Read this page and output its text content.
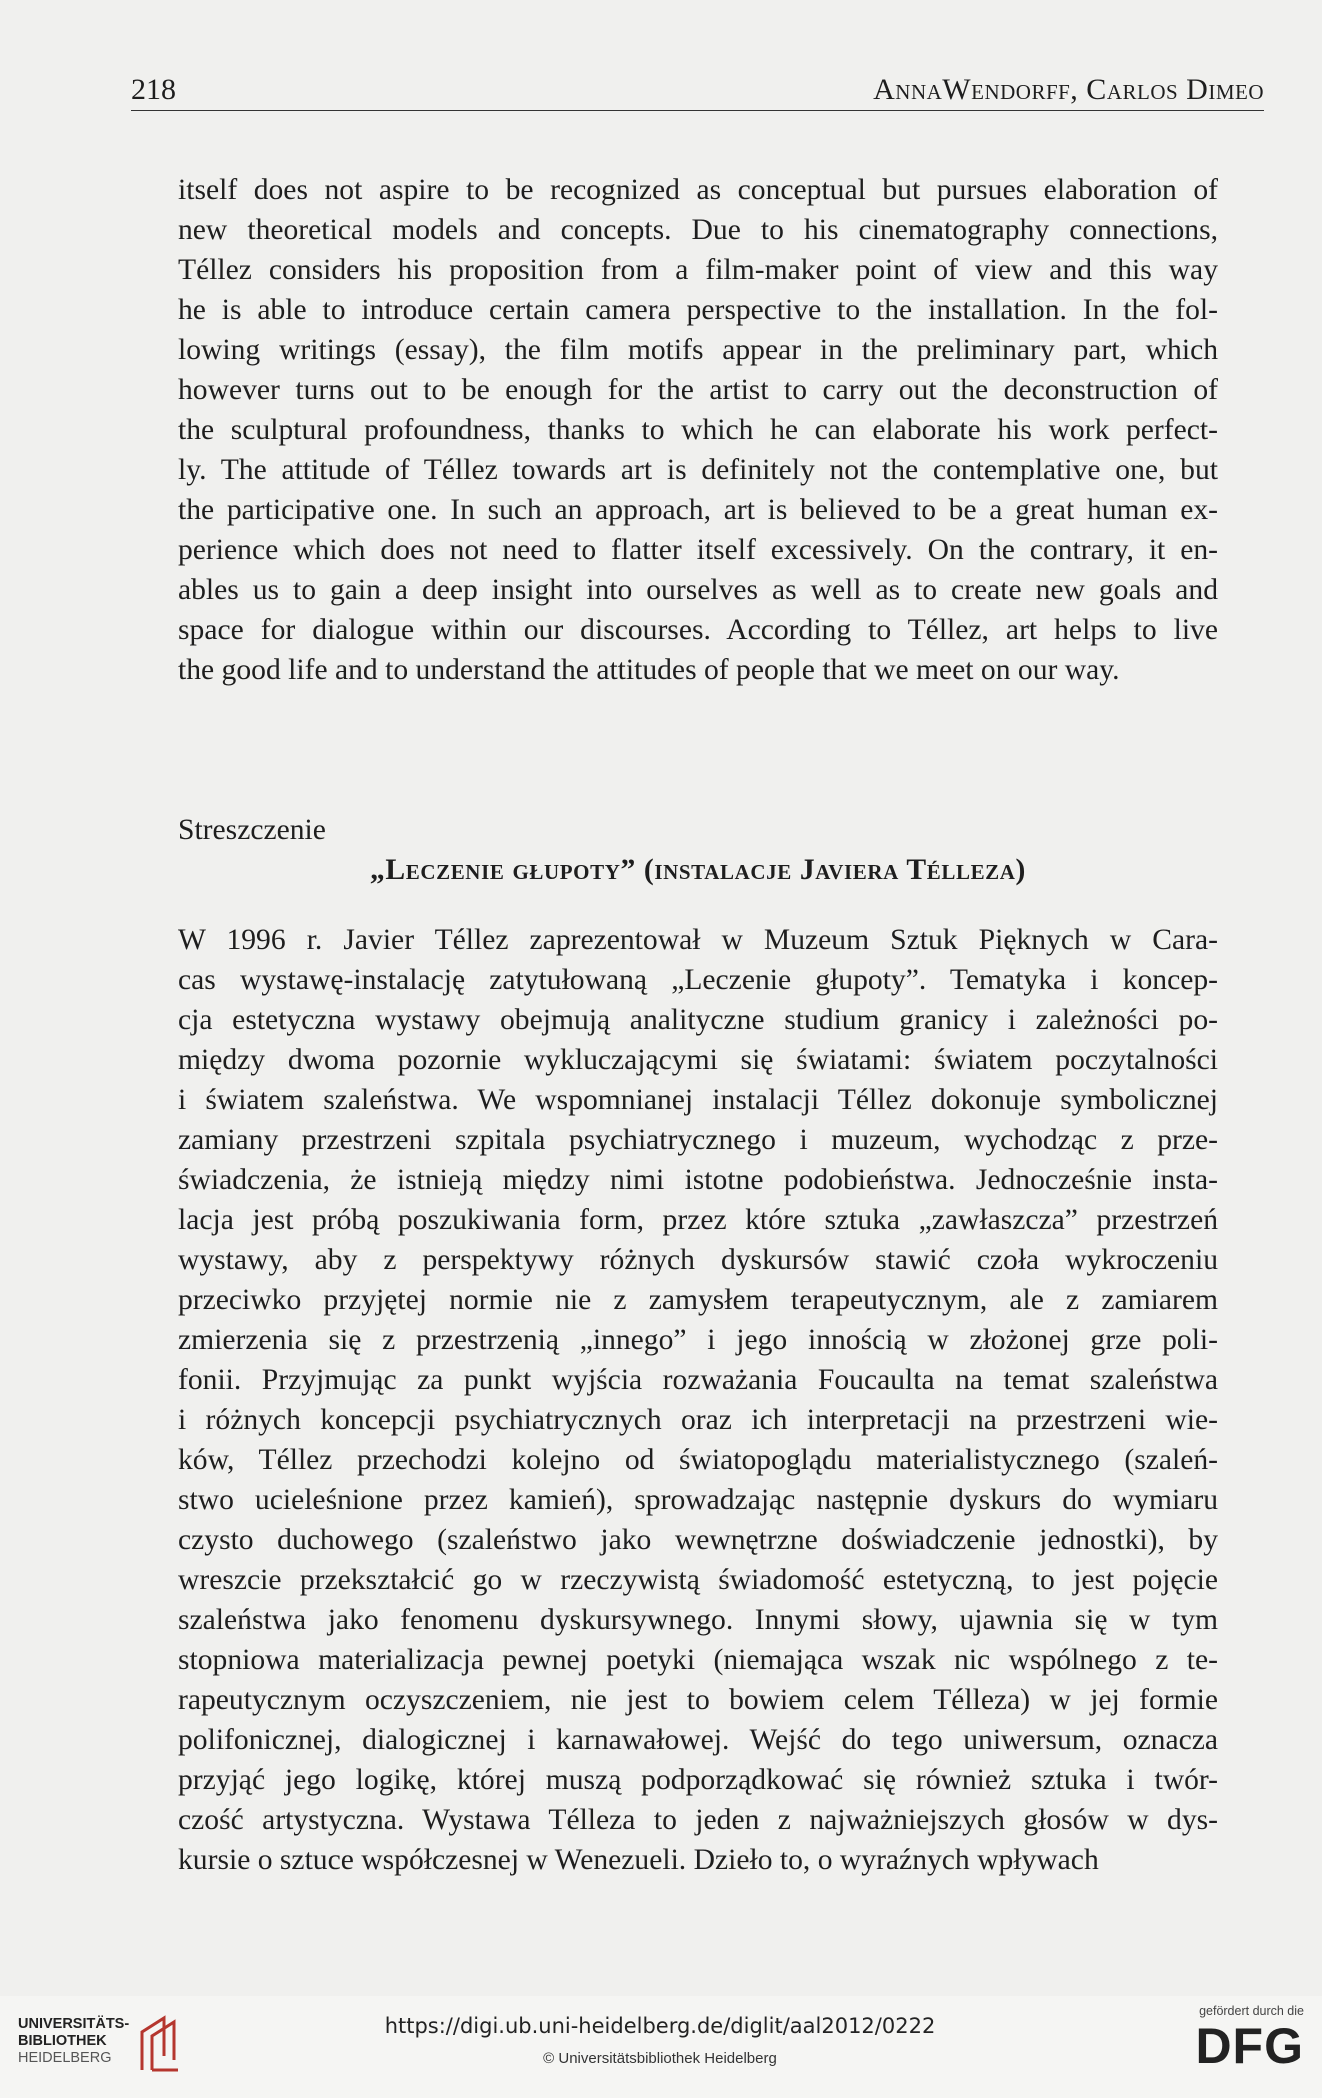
218	AnnaWendorff, Carlos Dimeo
itself does not aspire to be recognized as conceptual but pursues elaboration of
new theoretical models and concepts. Due to his cinematography connections,
Téllez considers his proposition from a film-maker point of view and this way
he is able to introduce certain camera perspective to the installation. In the fol-
lowing writings (essay), the film motifs appear in the preliminary part, which
however turns out to be enough for the artist to carry out the deconstruction of
the sculptural profoundness, thanks to which he can elaborate his work perfect-
ly. The attitude of Téllez towards art is definitely not the contemplative one, but
the participative one. In such an approach, art is believed to be a great human ex-
perience which does not need to flatter itself excessively. On the contrary, it en-
ables us to gain a deep insight into ourselves as well as to create new goals and
space for dialogue within our discourses. According to Téllez, art helps to live
the good life and to understand the attitudes of people that we meet on our way.
Streszczenie
„Leczenie głupoty” (instalacje Javiera Télleza)
W 1996 r. Javier Téllez zaprezentował w Muzeum Sztuk Pięknych w Cara-
cas wystawę-instalację zatytułowaną „Leczenie głupoty”. Tematyka i koncep-
cja estetyczna wystawy obejmują analityczne studium granicy i zależności po-
między dwoma pozornie wykluczającymi się światami: światem poczytalności
i światem szaleństwa. We wspomnianej instalacji Téllez dokonuje symbolicznej
zamiany przestrzeni szpitala psychiatrycznego i muzeum, wychodząc z prze-
świadczenia, że istnieją między nimi istotne podobieństwa. Jednocześnie insta-
lacja jest próbą poszukiwania form, przez które sztuka „zawłaszcza” przestrzeń
wystawy, aby z perspektywy różnych dyskursów stawić czoła wykroczeniu
przeciwko przyjętej normie nie z zamysłem terapeutycznym, ale z zamiarem
zmierzenia się z przestrzenią „innego” i jego innością w złożonej grze poli-
fonii. Przyjmując za punkt wyjścia rozważania Foucaulta na temat szaleństwa
i różnych koncepcji psychiatrycznych oraz ich interpretacji na przestrzeni wie-
ków, Téllez przechodzi kolejno od światopoglądu materialistycznego (szaleń-
stwo ucieleśnione przez kamień), sprowadzając następnie dyskurs do wymiaru
czysto duchowego (szaleństwo jako wewnętrzne doświadczenie jednostki), by
wreszcie przekształcić go w rzeczywistą świadomość estetyczną, to jest pojęcie
szaleństwa jako fenomenu dyskursywnego. Innymi słowy, ujawnia się w tym
stopniowa materializacja pewnej poetyki (niemająca wszak nic wspólnego z te-
rapeutycznym oczyszczeniem, nie jest to bowiem celem Télleza) w jej formie
polifonicznej, dialogicznej i karnawałowej. Wejść do tego uniwersum, oznacza
przyjąć jego logikę, której muszą podporządkować się również sztuka i twór-
czość artystyczna. Wystawa Télleza to jeden z najważniejszych głosów w dys-
kursie o sztuce współczesnej w Wenezueli. Dzieło to, o wyraźnych wpływach
UNIVERSITÄTS-
BIBLIOTHEK
HEIDELBERG
https://digi.ub.uni-heidelberg.de/diglit/aal2012/0222
© Universitätsbibliothek Heidelberg
gefördert durch die
DFG
